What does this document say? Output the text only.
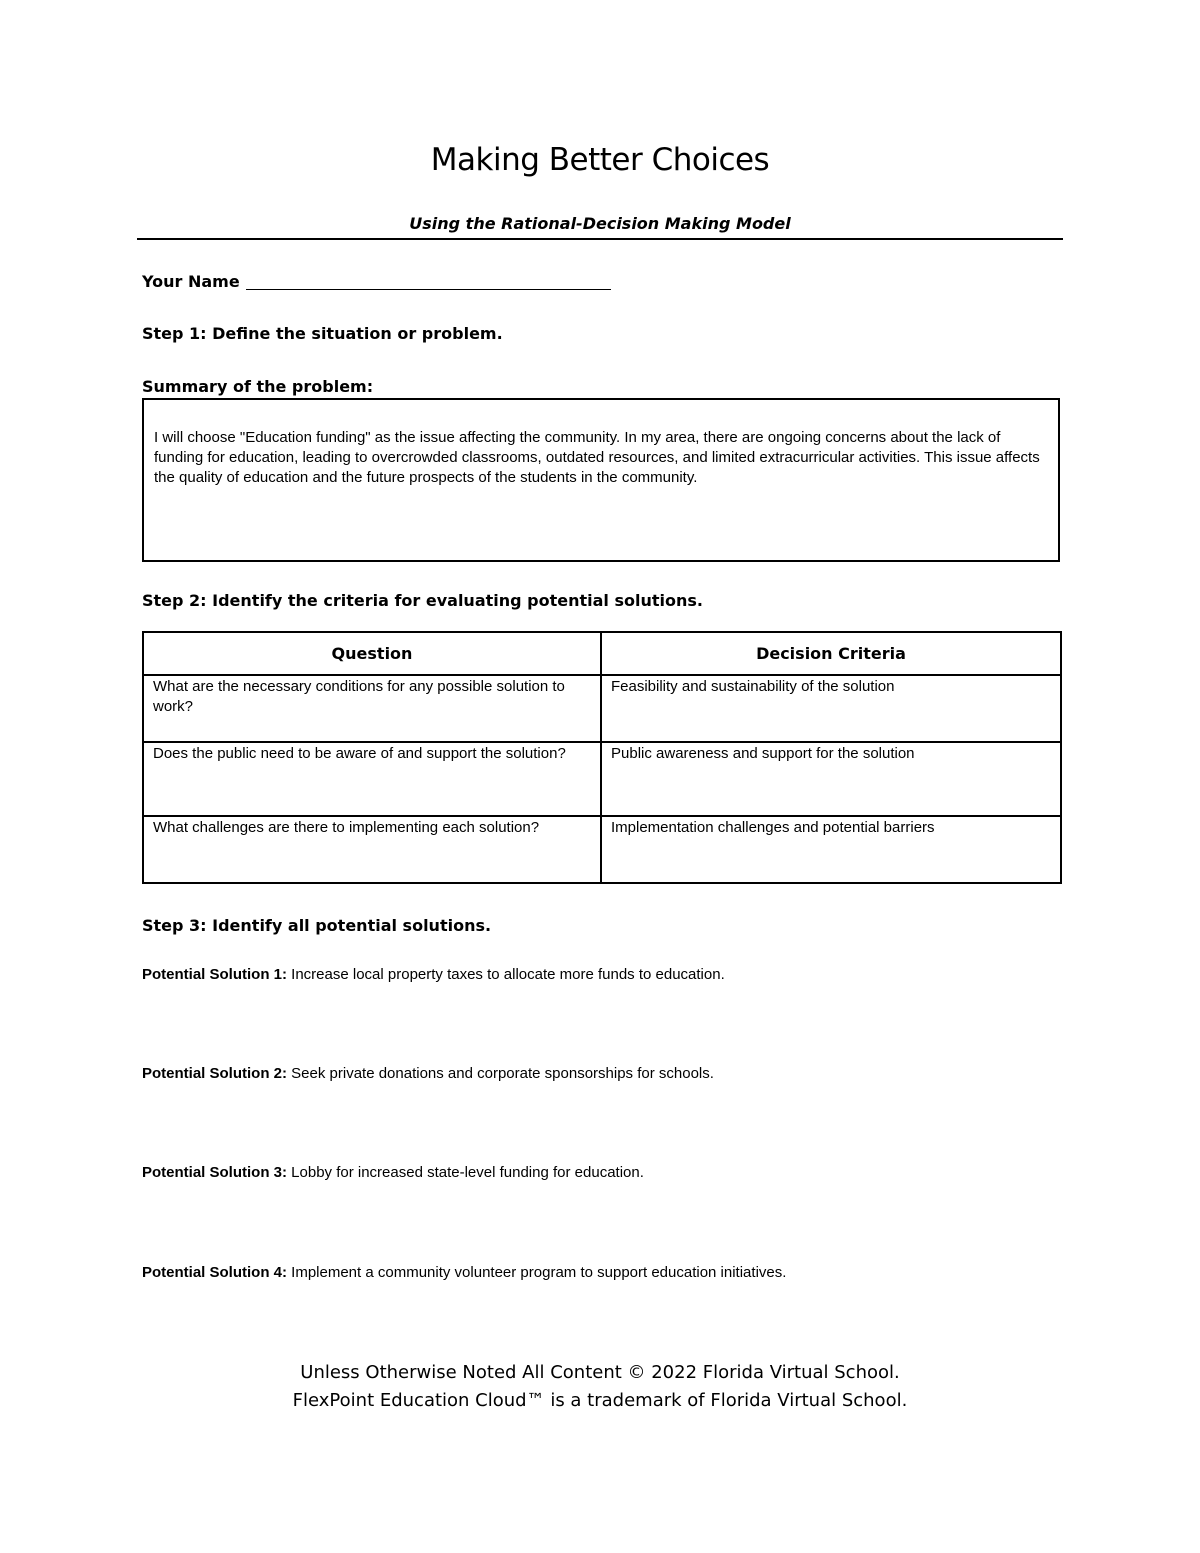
Making Better Choices
Using the Rational-Decision Making Model
Your Name
Step 1: Define the situation or problem.
Summary of the problem:
I will choose "Education funding" as the issue affecting the community. In my area, there are ongoing concerns about the lack of funding for education, leading to overcrowded classrooms, outdated resources, and limited extracurricular activities. This issue affects the quality of education and the future prospects of the students in the community.
Step 2: Identify the criteria for evaluating potential solutions.
Question	Decision Criteria

What are the necessary conditions for any possible solution to work?	Feasibility and sustainability of the solution

Does the public need to be aware of and support the solution?	Public awareness and support for the solution

What challenges are there to implementing each solution?	Implementation challenges and potential barriers
Step 3: Identify all potential solutions.
Potential Solution 1: Increase local property taxes to allocate more funds to education.
Potential Solution 2: Seek private donations and corporate sponsorships for schools.
Potential Solution 3: Lobby for increased state-level funding for education.
Potential Solution 4: Implement a community volunteer program to support education initiatives.
Unless Otherwise Noted All Content © 2022 Florida Virtual School.
FlexPoint Education Cloud™ is a trademark of Florida Virtual School.
